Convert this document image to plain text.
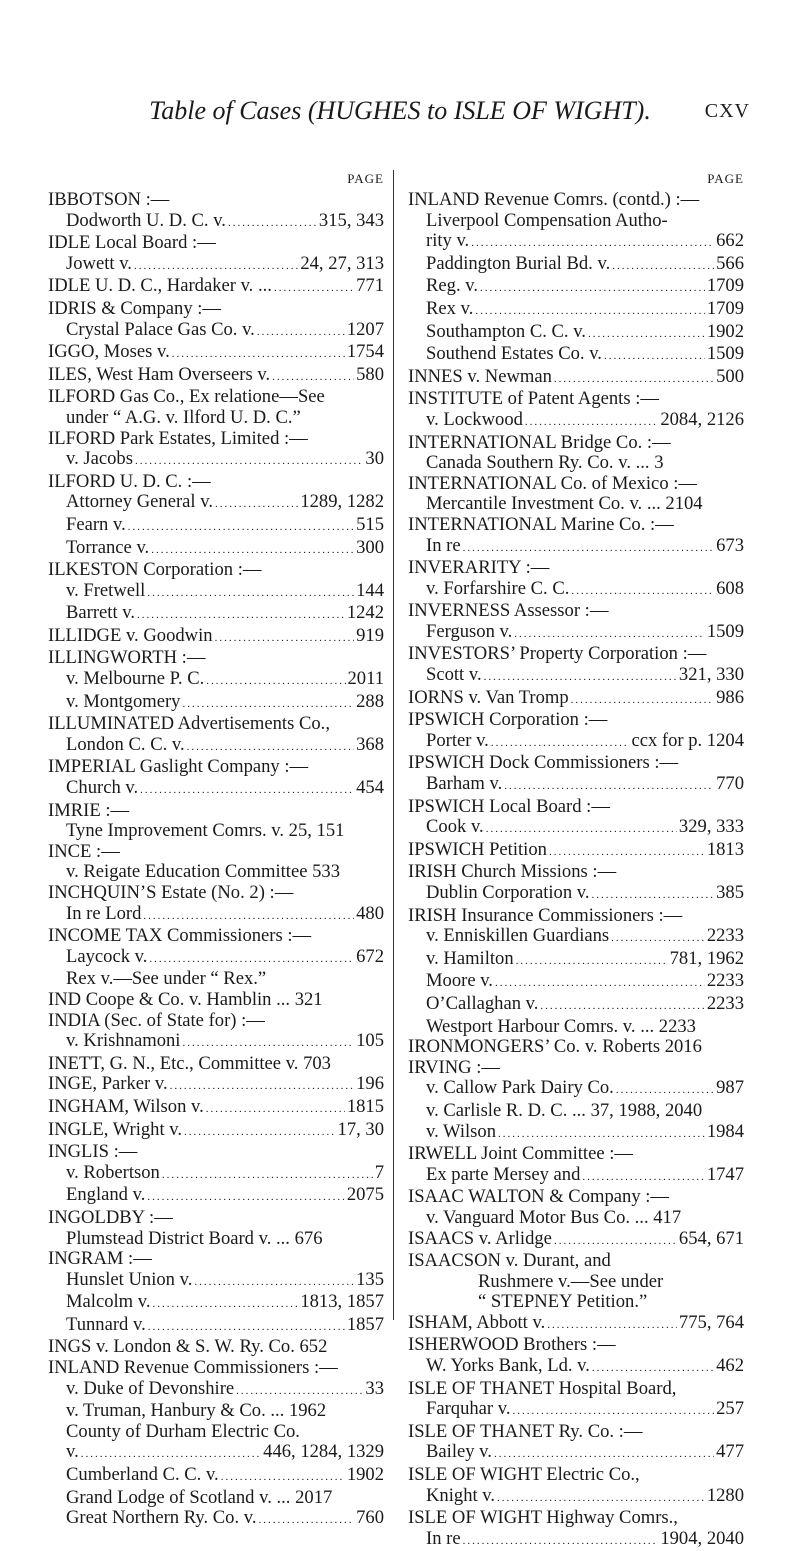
Table of Cases (HUGHES to ISLE OF WIGHT).	CXV
PAGE
IBBOTSON :—
Dodworth U. D. C. v. .....	315, 343
IDLE Local Board :—
Jowett v. .....	24, 27, 313
IDLE U. D. C., Hardaker v. ... .....	771
IDRIS & Company :—
Crystal Palace Gas Co. v. .....	1207
IGGO, Moses v. .....	1754
ILES, West Ham Overseers v. .....	580
ILFORD Gas Co., Ex relatione—See
under “ A.G. v. Ilford U. D. C.”
ILFORD Park Estates, Limited :—
v. Jacobs .....	30
ILFORD U. D. C. :—
Attorney General v. .....	1289, 1282
Fearn v. .....	515
Torrance v. .....	300
ILKESTON Corporation :—
v. Fretwell .....	144
Barrett v. .....	1242
ILLIDGE v. Goodwin .....	919
ILLINGWORTH :—
v. Melbourne P. C. .....	2011
v. Montgomery .....	288
ILLUMINATED Advertisements Co.,
London C. C. v. .....	368
IMPERIAL Gaslight Company :—
Church v. .....	454
IMRIE :—
Tyne Improvement Comrs. v. 25, 151
INCE :—
v. Reigate Education Committee 533
INCHQUIN’S Estate (No. 2) :—
In re Lord .....	480
INCOME TAX Commissioners :—
Laycock v. .....	672
Rex v.—See under “ Rex.”
IND Coope & Co. v. Hamblin ... 321
INDIA (Sec. of State for) :—
v. Krishnamoni .....	105
INETT, G. N., Etc., Committee v. 703
INGE, Parker v. .....	196
INGHAM, Wilson v. .....	1815
INGLE, Wright v. .....	17, 30
INGLIS :—
v. Robertson .....	7
England v. .....	2075
INGOLDBY :—
Plumstead District Board v. ... 676
INGRAM :—
Hunslet Union v. .....	135
Malcolm v. .....	1813, 1857
Tunnard v. .....	1857
INGS v. London & S. W. Ry. Co. 652
INLAND Revenue Commissioners :—
v. Duke of Devonshire .....	33
v. Truman, Hanbury & Co. ... 1962
County of Durham Electric Co.
v. .....	446, 1284, 1329
Cumberland C. C. v. .....	1902
Grand Lodge of Scotland v. ... 2017
Great Northern Ry. Co. v. .....	760
PAGE
INLAND Revenue Comrs. (contd.) :—
Liverpool Compensation Autho-
rity v. .....	662
Paddington Burial Bd. v. .....	566
Reg. v. .....	1709
Rex v. .....	1709
Southampton C. C. v. .....	1902
Southend Estates Co. v. .....	1509
INNES v. Newman .....	500
INSTITUTE of Patent Agents :—
v. Lockwood .....	2084, 2126
INTERNATIONAL Bridge Co. :—
Canada Southern Ry. Co. v. ... 3
INTERNATIONAL Co. of Mexico :—
Mercantile Investment Co. v. ... 2104
INTERNATIONAL Marine Co. :—
In re .....	673
INVERARITY :—
v. Forfarshire C. C. .....	608
INVERNESS Assessor :—
Ferguson v. .....	1509
INVESTORS’ Property Corporation :—
Scott v. .....	321, 330
IORNS v. Van Tromp .....	986
IPSWICH Corporation :—
Porter v. .....	ccx for p. 1204
IPSWICH Dock Commissioners :—
Barham v. .....	770
IPSWICH Local Board :—
Cook v. .....	329, 333
IPSWICH Petition .....	1813
IRISH Church Missions :—
Dublin Corporation v. .....	385
IRISH Insurance Commissioners :—
v. Enniskillen Guardians .....	2233
v. Hamilton .....	781, 1962
Moore v. .....	2233
O’Callaghan v. .....	2233
Westport Harbour Comrs. v. ... 2233
IRONMONGERS’ Co. v. Roberts 2016
IRVING :—
v. Callow Park Dairy Co. .....	987
v. Carlisle R. D. C. ... 37, 1988, 2040
v. Wilson .....	1984
IRWELL Joint Committee :—
Ex parte Mersey and .....	1747
ISAAC WALTON & Company :—
v. Vanguard Motor Bus Co. ... 417
ISAACS v. Arlidge .....	654, 671
ISAACSON v. Durant, and
Rushmere v.—See under
“ STEPNEY Petition.”
ISHAM, Abbott v. .....	775, 764
ISHERWOOD Brothers :—
W. Yorks Bank, Ld. v. .....	462
ISLE OF THANET Hospital Board,
Farquhar v. .....	257
ISLE OF THANET Ry. Co. :—
Bailey v. .....	477
ISLE OF WIGHT Electric Co.,
Knight v. .....	1280
ISLE OF WIGHT Highway Comrs.,
In re .....	1904, 2040
